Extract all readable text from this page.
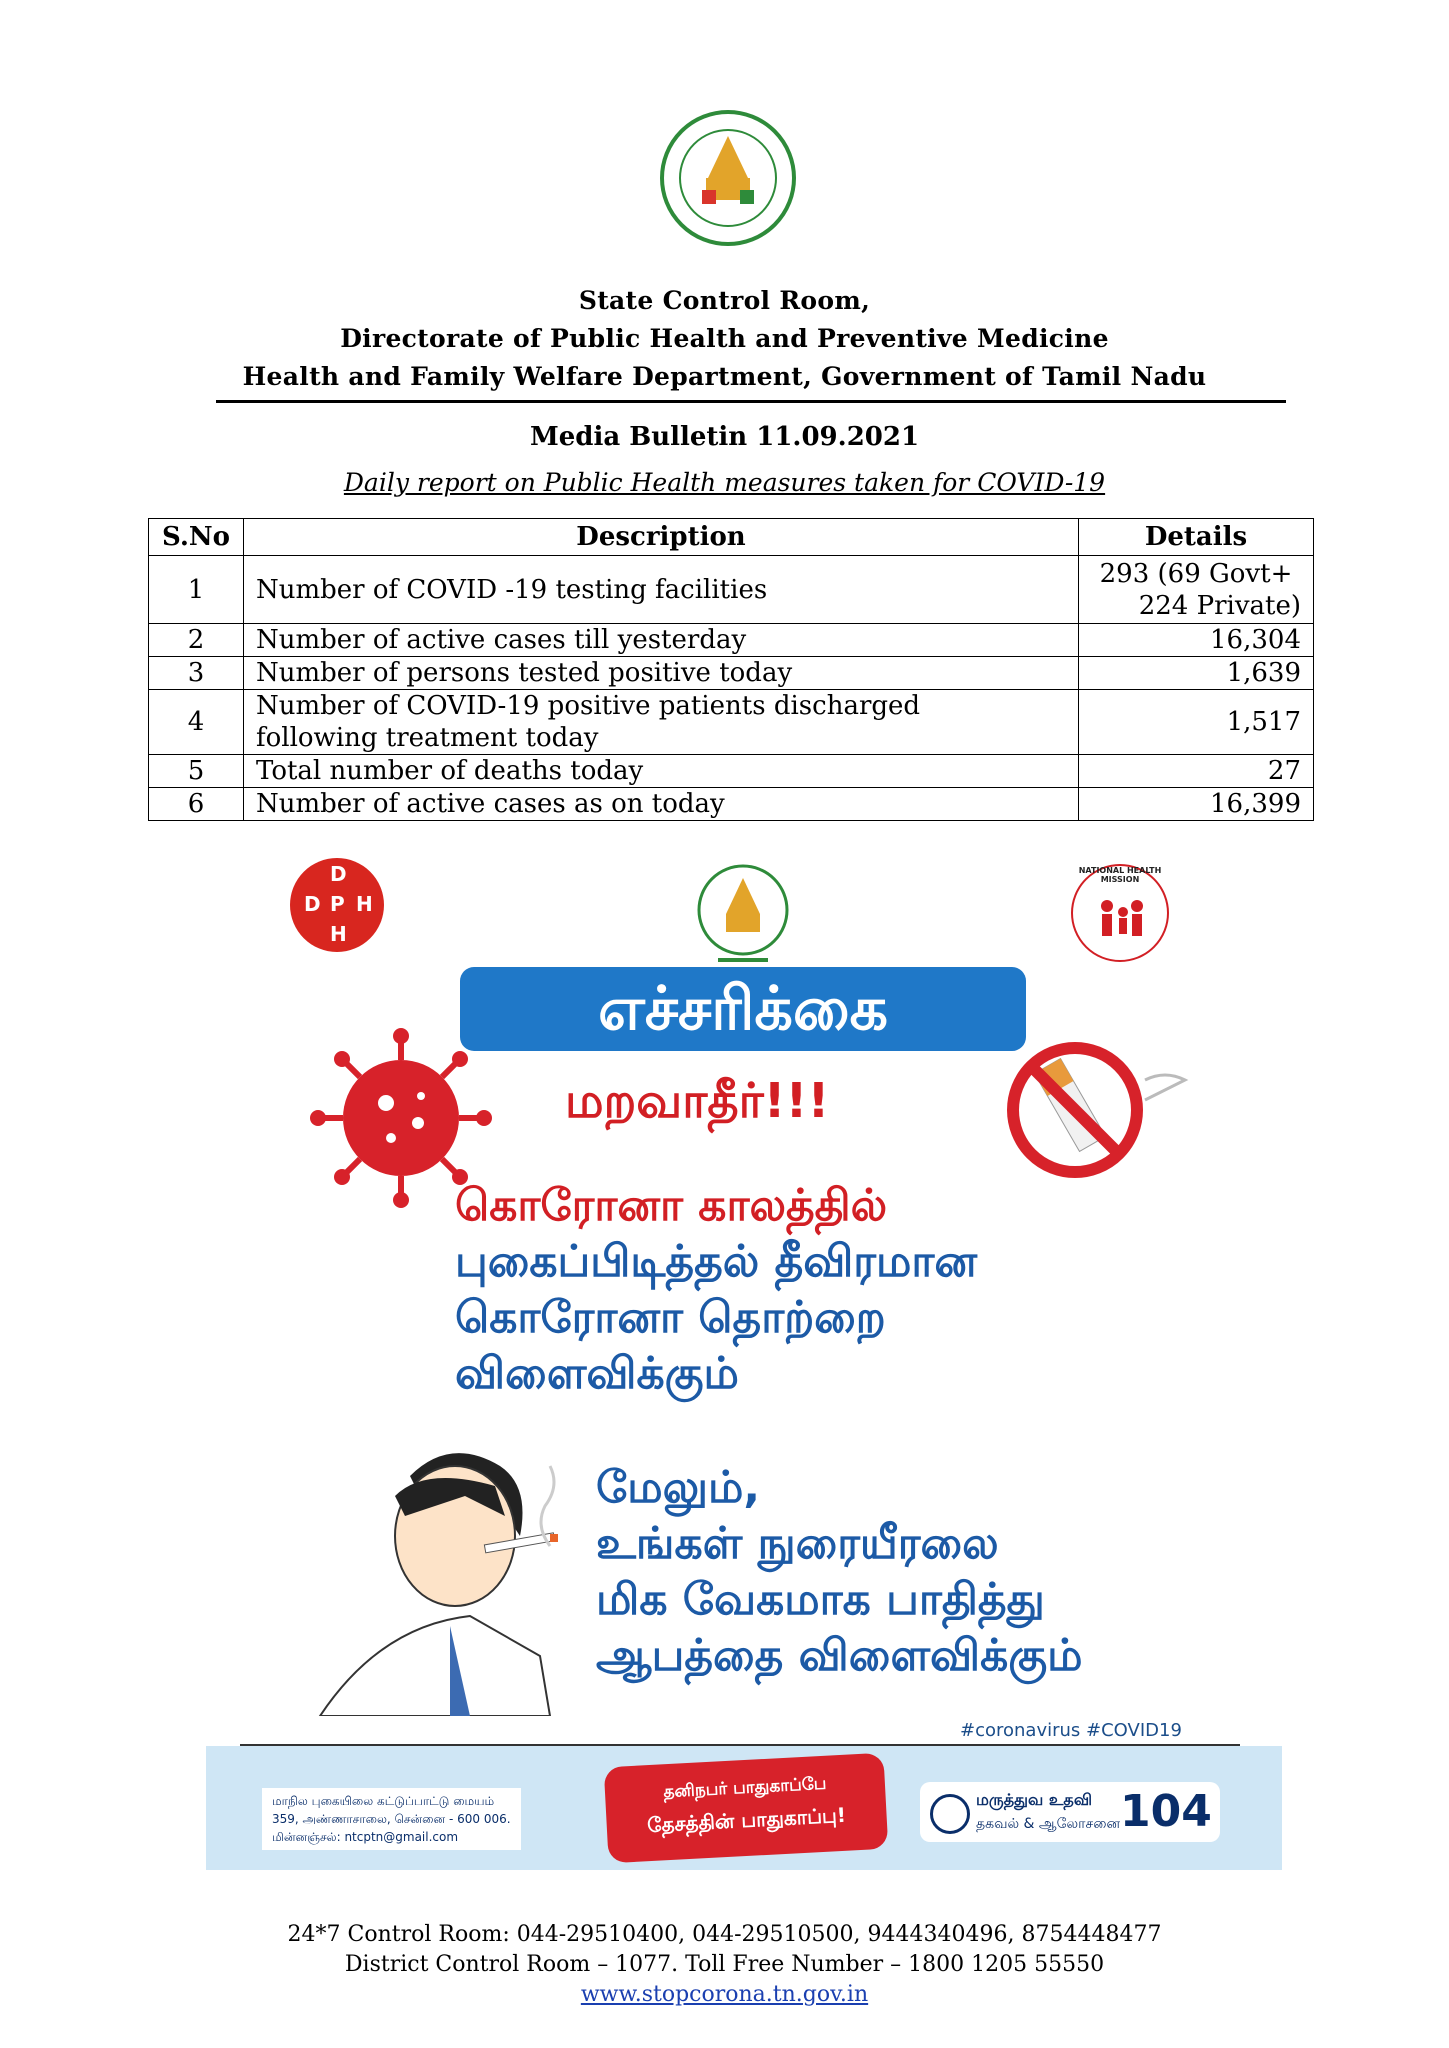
State Control Room,
Directorate of Public Health and Preventive Medicine
Health and Family Welfare Department, Government of Tamil Nadu
Media Bulletin 11.09.2021
Daily report on Public Health measures taken for COVID-19
S.No	Description	Details
1	Number of COVID -19 testing facilities	293 (69 Govt+
224 Private)

2	Number of active cases till yesterday	16,304
3	Number of persons tested positive today	1,639
4	Number of COVID-19 positive patients discharged
following treatment today	1,517
5	Total number of deaths today	27
6	Number of active cases as on today	16,399
D
D P H
H
NATIONAL HEALTH MISSION
எச்சரிக்கை
மறவாதீர்!!!
கொரோனா காலத்தில்
புகைப்பிடித்தல் தீவிரமான
கொரோனா தொற்றை
விளைவிக்கும்
மேலும்,
உங்கள் நுரையீரலை
மிக வேகமாக பாதித்து
ஆபத்தை விளைவிக்கும்
#coronavirus #COVID19
மாநில புகையிலை கட்டுப்பாட்டு மையம்
359, அண்ணாசாலை, சென்னை - 600 006.
மின்னஞ்சல்: ntcptn@gmail.com
தனிநபர் பாதுகாப்பே
தேசத்தின் பாதுகாப்பு!
மருத்துவ உதவி
தகவல் & ஆலோசனை 104
24*7 Control Room: 044-29510400, 044-29510500, 9444340496, 8754448477
District Control Room – 1077. Toll Free Number – 1800 1205 55550
www.stopcorona.tn.gov.in
